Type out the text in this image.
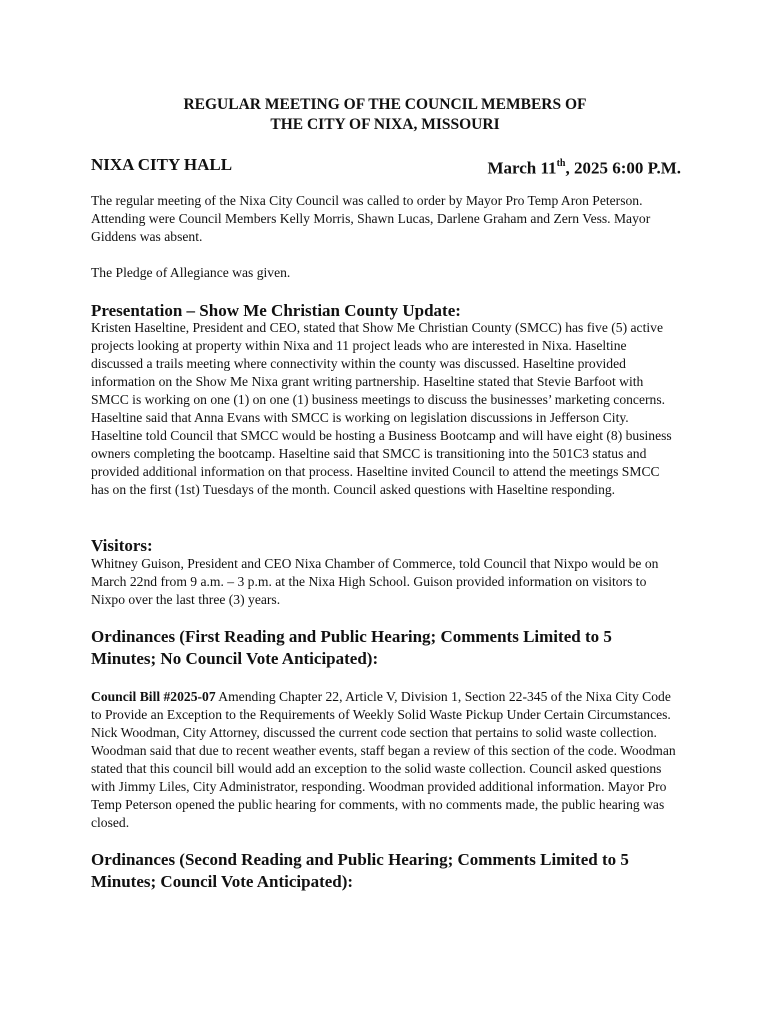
REGULAR MEETING OF THE COUNCIL MEMBERS OF
THE CITY OF NIXA, MISSOURI
NIXA CITY HALL	March 11th, 2025 6:00 P.M.
The regular meeting of the Nixa City Council was called to order by Mayor Pro Temp Aron Peterson. Attending were Council Members Kelly Morris, Shawn Lucas, Darlene Graham and Zern Vess. Mayor Giddens was absent.
The Pledge of Allegiance was given.
Presentation – Show Me Christian County Update:
Kristen Haseltine, President and CEO, stated that Show Me Christian County (SMCC) has five (5) active projects looking at property within Nixa and 11 project leads who are interested in Nixa. Haseltine discussed a trails meeting where connectivity within the county was discussed. Haseltine provided information on the Show Me Nixa grant writing partnership. Haseltine stated that Stevie Barfoot with SMCC is working on one (1) on one (1) business meetings to discuss the businesses’ marketing concerns. Haseltine said that Anna Evans with SMCC is working on legislation discussions in Jefferson City. Haseltine told Council that SMCC would be hosting a Business Bootcamp and will have eight (8) business owners completing the bootcamp. Haseltine said that SMCC is transitioning into the 501C3 status and provided additional information on that process. Haseltine invited Council to attend the meetings SMCC has on the first (1st) Tuesdays of the month. Council asked questions with Haseltine responding.
Visitors:
Whitney Guison, President and CEO Nixa Chamber of Commerce, told Council that Nixpo would be on March 22nd from 9 a.m. – 3 p.m. at the Nixa High School. Guison provided information on visitors to Nixpo over the last three (3) years.
Ordinances (First Reading and Public Hearing; Comments Limited to 5
Minutes; No Council Vote Anticipated):
Council Bill #2025-07 Amending Chapter 22, Article V, Division 1, Section 22-345 of the Nixa City Code to Provide an Exception to the Requirements of Weekly Solid Waste Pickup Under Certain Circumstances. Nick Woodman, City Attorney, discussed the current code section that pertains to solid waste collection. Woodman said that due to recent weather events, staff began a review of this section of the code. Woodman stated that this council bill would add an exception to the solid waste collection. Council asked questions with Jimmy Liles, City Administrator, responding. Woodman provided additional information. Mayor Pro Temp Peterson opened the public hearing for comments, with no comments made, the public hearing was closed.
Ordinances (Second Reading and Public Hearing; Comments Limited to 5
Minutes; Council Vote Anticipated):
